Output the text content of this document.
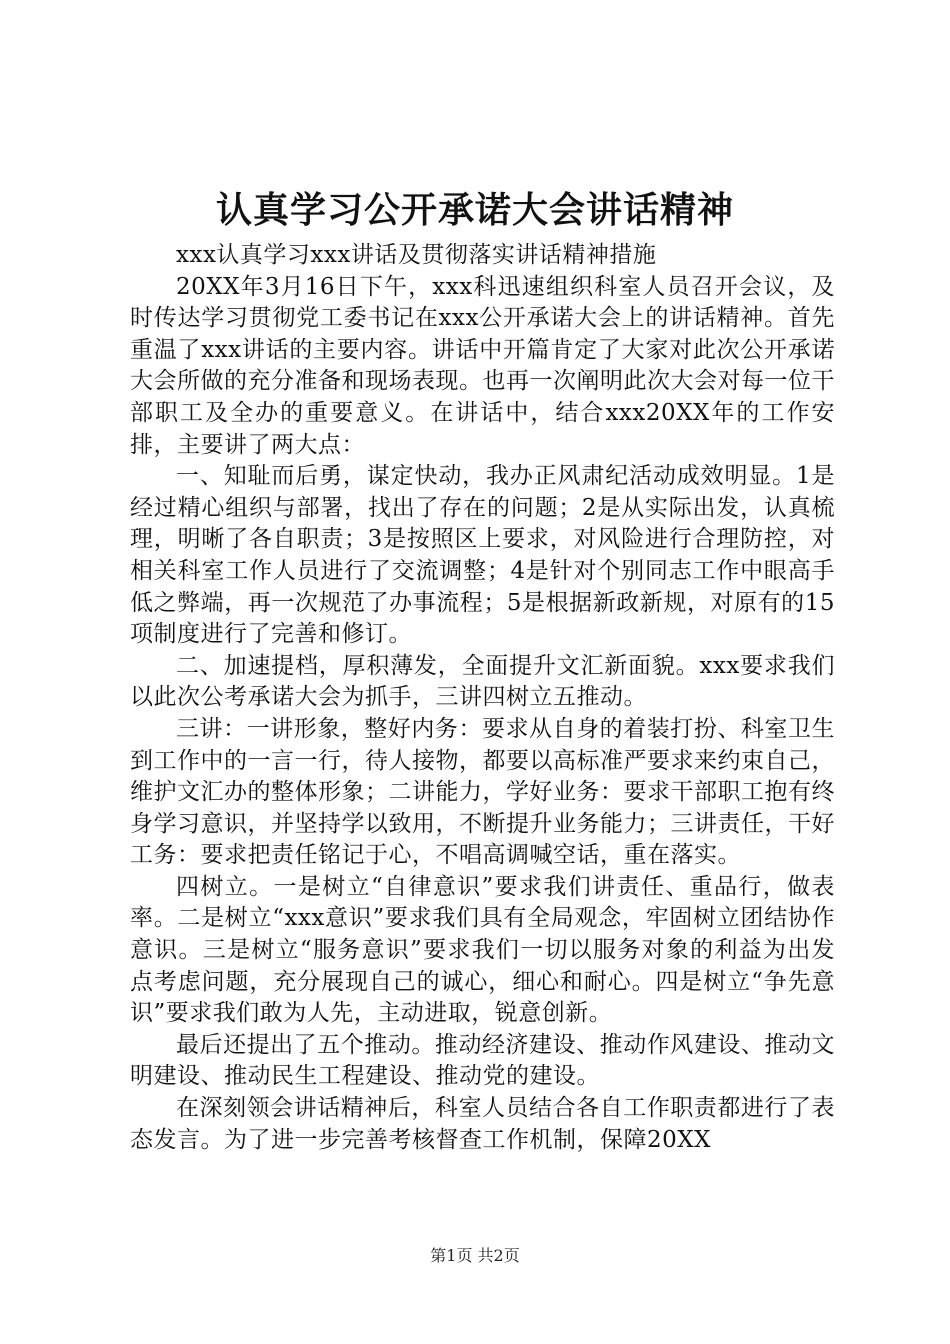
认真学习公开承诺大会讲话精神

xxx认真学习xxx讲话及贯彻落实讲话精神措施

20XX年3月16日下午，xxx科迅速组织科室人员召开会议，及时传达学习贯彻党工委书记在xxx公开承诺大会上的讲话精神。首先重温了xxx讲话的主要内容。讲话中开篇肯定了大家对此次公开承诺大会所做的充分准备和现场表现。也再一次阐明此次大会对每一位干部职工及全办的重要意义。在讲话中，结合xxx20XX年的工作安排，主要讲了两大点：

一、知耻而后勇，谋定快动，我办正风肃纪活动成效明显。1是经过精心组织与部署，找出了存在的问题；2是从实际出发，认真梳理，明晰了各自职责；3是按照区上要求，对风险进行合理防控，对相关科室工作人员进行了交流调整；4是针对个别同志工作中眼高手低之弊端，再一次规范了办事流程；5是根据新政新规，对原有的15项制度进行了完善和修订。

二、加速提档，厚积薄发，全面提升文汇新面貌。xxx要求我们以此次公考承诺大会为抓手，三讲四树立五推动。

三讲：一讲形象，整好内务：要求从自身的着装打扮、科室卫生到工作中的一言一行，待人接物，都要以高标准严要求来约束自己，维护文汇办的整体形象；二讲能力，学好业务：要求干部职工抱有终身学习意识，并坚持学以致用，不断提升业务能力；三讲责任，干好工务：要求把责任铭记于心，不唱高调喊空话，重在落实。

四树立。一是树立“自律意识”要求我们讲责任、重品行，做表率。二是树立“xxx意识”要求我们具有全局观念，牢固树立团结协作意识。三是树立“服务意识”要求我们一切以服务对象的利益为出发点考虑问题，充分展现自己的诚心，细心和耐心。四是树立“争先意识”要求我们敢为人先，主动进取，锐意创新。

最后还提出了五个推动。推动经济建设、推动作风建设、推动文明建设、推动民生工程建设、推动党的建设。

在深刻领会讲话精神后，科室人员结合各自工作职责都进行了表态发言。为了进一步完善考核督查工作机制，保障20XX

第1页 共2页
